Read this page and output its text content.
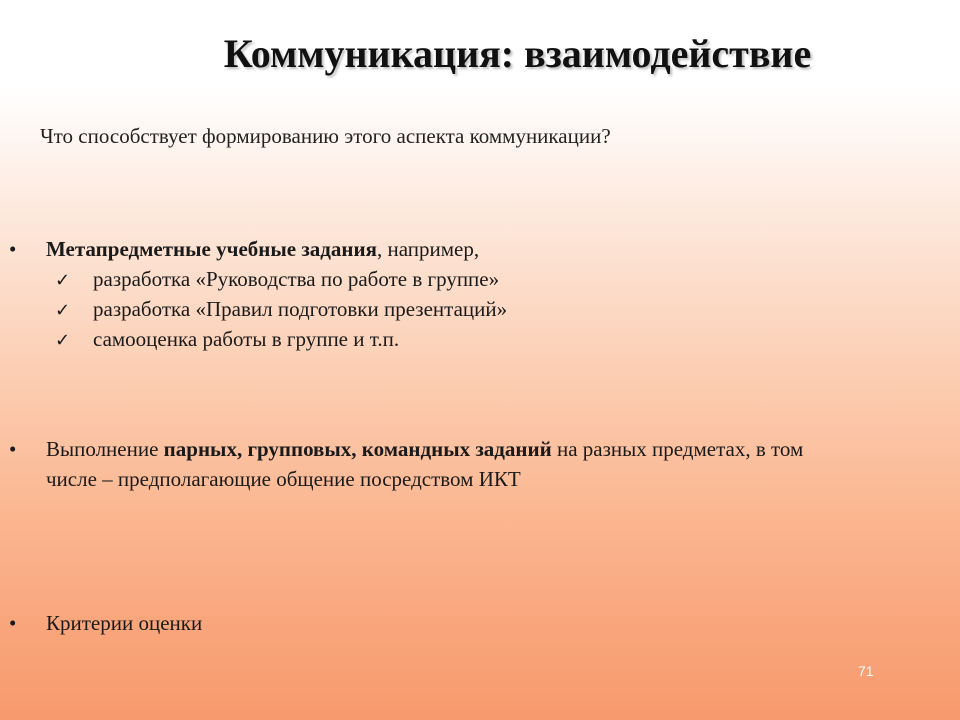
Коммуникация: взаимодействие
Что способствует формированию этого аспекта коммуникации?
•	Метапредметные учебные задания, например,
✓ разработка «Руководства по работе в группе»
✓ разработка «Правил подготовки презентаций»
✓ самооценка работы в группе и т.п.
•	Выполнение парных, групповых, командных заданий на разных предметах, в том
числе – предполагающие общение посредством ИКТ
•	Критерии оценки
71
